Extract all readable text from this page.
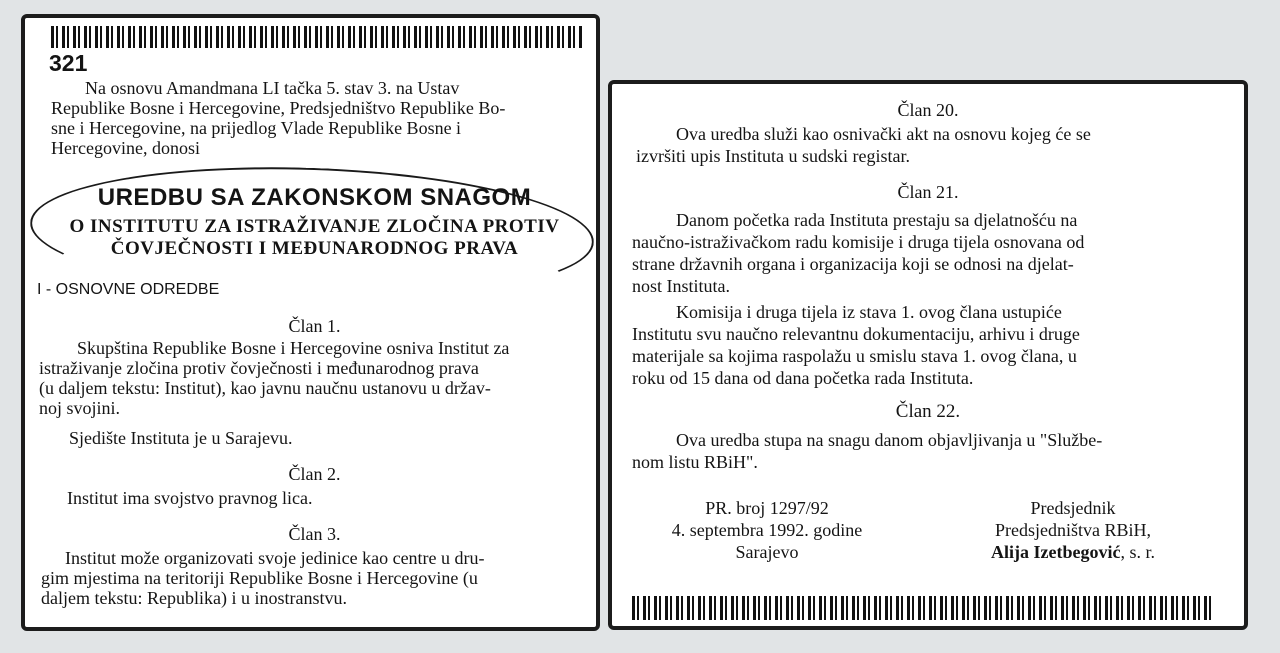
321
Na osnovu Amandmana LI tačka 5. stav 3. na Ustav
Republike Bosne i Hercegovine, Predsjedništvo Republike Bo-
sne i Hercegovine, na prijedlog Vlade Republike Bosne i
Hercegovine, donosi
UREDBU SA ZAKONSKOM SNAGOM
O INSTITUTU ZA ISTRAŽIVANJE ZLOČINA PROTIV
ČOVJEČNOSTI I MEĐUNARODNOG PRAVA
I - OSNOVNE ODREDBE
Član 1.
Skupština Republike Bosne i Hercegovine osniva Institut za
istraživanje zločina protiv čovječnosti i međunarodnog prava
(u daljem tekstu: Institut), kao javnu naučnu ustanovu u držav-
noj svojini.
Sjedište Instituta je u Sarajevu.
Član 2.
Institut ima svojstvo pravnog lica.
Član 3.
Institut može organizovati svoje jedinice kao centre u dru-
gim mjestima na teritoriji Republike Bosne i Hercegovine (u
daljem tekstu: Republika) i u inostranstvu.
Član 20.
Ova uredba služi kao osnivački akt na osnovu kojeg će se
izvršiti upis Instituta u sudski registar.
Član 21.
Danom početka rada Instituta prestaju sa djelatnošću na
naučno-istraživačkom radu komisije i druga tijela osnovana od
strane državnih organa i organizacija koji se odnosi na djelat-
nost Instituta.
Komisija i druga tijela iz stava 1. ovog člana ustupiće
Institutu svu naučno relevantnu dokumentaciju, arhivu i druge
materijale sa kojima raspolažu u smislu stava 1. ovog člana, u
roku od 15 dana od dana početka rada Instituta.
Član 22.
Ova uredba stupa na snagu danom objavljivanja u "Službe-
nom listu RBiH".
PR. broj 1297/92
4. septembra 1992. godine
Sarajevo
Predsjednik
Predsjedništva RBiH,
Alija Izetbegović, s. r.
